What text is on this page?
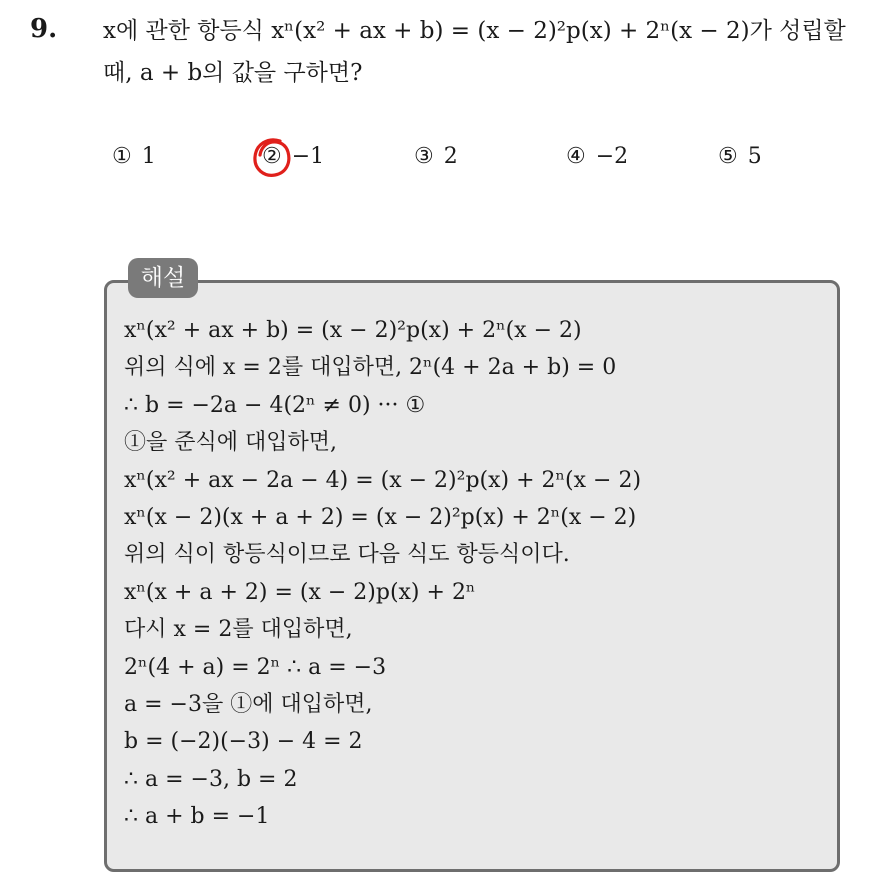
9. x에 관한 항등식 xⁿ(x² + ax + b) = (x − 2)²p(x) + 2ⁿ(x − 2)가 성립할
때, a + b의 값을 구하면?
① 1	② −1	③ 2	④ −2	⑤ 5
해설
xⁿ(x² + ax + b) = (x − 2)²p(x) + 2ⁿ(x − 2)
위의 식에 x = 2를 대입하면, 2ⁿ(4 + 2a + b) = 0
∴ b = −2a − 4(2ⁿ ≠ 0) ··· ①
①을 준식에 대입하면,
xⁿ(x² + ax − 2a − 4) = (x − 2)²p(x) + 2ⁿ(x − 2)
xⁿ(x − 2)(x + a + 2) = (x − 2)²p(x) + 2ⁿ(x − 2)
위의 식이 항등식이므로 다음 식도 항등식이다.
xⁿ(x + a + 2) = (x − 2)p(x) + 2ⁿ
다시 x = 2를 대입하면,
2ⁿ(4 + a) = 2ⁿ ∴ a = −3
a = −3을 ①에 대입하면,
b = (−2)(−3) − 4 = 2
∴ a = −3, b = 2
∴ a + b = −1
